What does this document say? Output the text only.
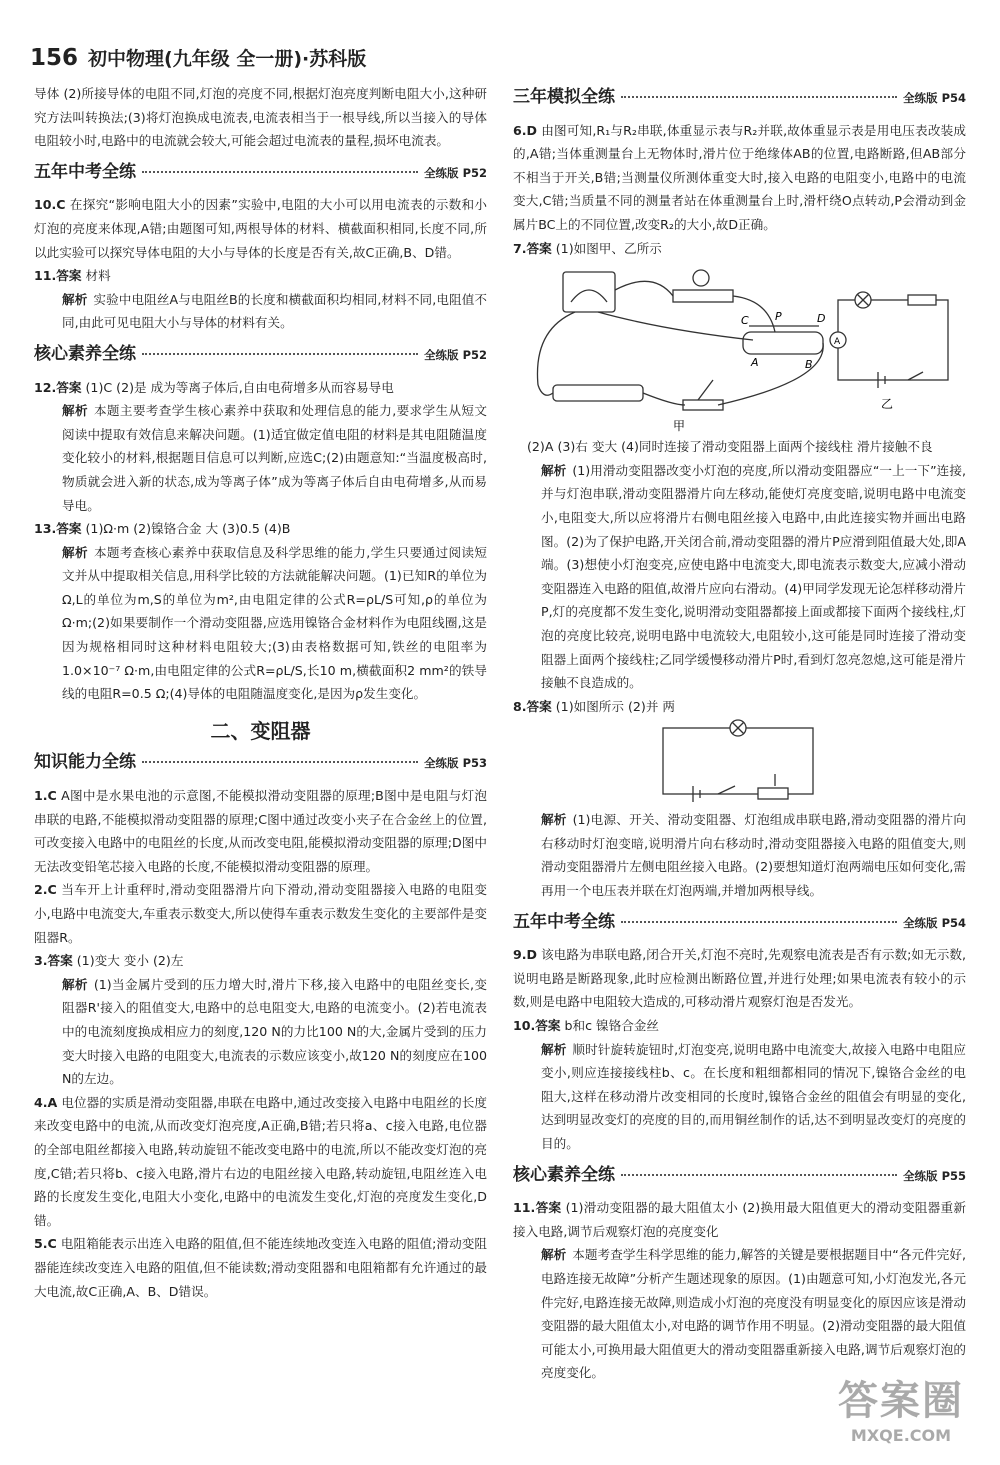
156 初中物理(九年级 全一册)·苏科版

导体 (2)所接导体的电阻不同,灯泡的亮度不同,根据灯泡亮度判断电阻大小,这种研究方法叫转换法;(3)将灯泡换成电流表,电流表相当于一根导线,所以当接入的导体电阻较小时,电路中的电流就会较大,可能会超过电流表的量程,损坏电流表。

五年中考全练	全练版 P52

10.C 在探究“影响电阻大小的因素”实验中,电阻的大小可以用电流表的示数和小灯泡的亮度来体现,A错;由题图可知,两根导体的材料、横截面积相同,长度不同,所以此实验可以探究导体电阻的大小与导体的长度是否有关,故C正确,B、D错。

11.答案 材料

解析 实验中电阻丝A与电阻丝B的长度和横截面积均相同,材料不同,电阻值不同,由此可见电阻大小与导体的材料有关。

核心素养全练	全练版 P52

12.答案 (1)C (2)是 成为等离子体后,自由电荷增多从而容易导电

解析 本题主要考查学生核心素养中获取和处理信息的能力,要求学生从短文阅读中提取有效信息来解决问题。(1)适宜做定值电阻的材料是其电阻随温度变化较小的材料,根据题目信息可以判断,应选C;(2)由题意知:“当温度极高时,物质就会进入新的状态,成为等离子体”成为等离子体后自由电荷增多,从而易导电。

13.答案 (1)Ω·m (2)镍铬合金 大 (3)0.5 (4)B

解析 本题考查核心素养中获取信息及科学思维的能力,学生只要通过阅读短文并从中提取相关信息,用科学比较的方法就能解决问题。(1)已知R的单位为Ω,L的单位为m,S的单位为m²,由电阻定律的公式R=ρL/S可知,ρ的单位为Ω·m;(2)如果要制作一个滑动变阻器,应选用镍铬合金材料作为电阻线圈,这是因为规格相同时这种材料电阻较大;(3)由表格数据可知,铁丝的电阻率为1.0×10⁻⁷ Ω·m,由电阻定律的公式R=ρL/S,长10 m,横截面积2 mm²的铁导线的电阻R=0.5 Ω;(4)导体的电阻随温度变化,是因为ρ发生变化。

二、变阻器
知识能力全练	全练版 P53

1.C A图中是水果电池的示意图,不能模拟滑动变阻器的原理;B图中是电阻与灯泡串联的电路,不能模拟滑动变阻器的原理;C图中通过改变小夹子在合金丝上的位置,可改变接入电路中的电阻丝的长度,从而改变电阻,能模拟滑动变阻器的原理;D图中无法改变铅笔芯接入电路的长度,不能模拟滑动变阻器的原理。

2.C 当车开上计重秤时,滑动变阻器滑片向下滑动,滑动变阻器接入电路的电阻变小,电路中电流变大,车重表示数变大,所以使得车重表示数发生变化的主要部件是变阻器R。

3.答案 (1)变大 变小 (2)左

解析 (1)当金属片受到的压力增大时,滑片下移,接入电路中的电阻丝变长,变阻器R'接入的阻值变大,电路中的总电阻变大,电路的电流变小。(2)若电流表中的电流刻度换成相应力的刻度,120 N的力比100 N的大,金属片受到的压力变大时接入电路的电阻变大,电流表的示数应该变小,故120 N的刻度应在100 N的左边。

4.A 电位器的实质是滑动变阻器,串联在电路中,通过改变接入电路中电阻丝的长度来改变电路中的电流,从而改变灯泡亮度,A正确,B错;若只将a、c接入电路,电位器的全部电阻丝都接入电路,转动旋钮不能改变电路中的电流,所以不能改变灯泡的亮度,C错;若只将b、c接入电路,滑片右边的电阻丝接入电路,转动旋钮,电阻丝连入电路的长度发生变化,电阻大小变化,电路中的电流发生变化,灯泡的亮度发生变化,D错。

5.C 电阻箱能表示出连入电路的阻值,但不能连续地改变连入电路的阻值;滑动变阻器能连续改变连入电路的阻值,但不能读数;滑动变阻器和电阻箱都有允许通过的最大电流,故C正确,A、B、D错误。

三年模拟全练	全练版 P54

6.D 由图可知,R₁与R₂串联,体重显示表与R₂并联,故体重显示表是用电压表改装成的,A错;当体重测量台上无物体时,滑片位于绝缘体AB的位置,电路断路,但AB部分不相当于开关,B错;当测量仪所测体重变大时,接入电路的电阻变小,电路中的电流变大,C错;当质量不同的测量者站在体重测量台上时,滑杆绕O点转动,P会滑动到金属片BC上的不同位置,改变R₂的大小,故D正确。

7.答案 (1)如图甲、乙所示

C P	D
A	B
甲
A
乙

(2)A (3)右 变大 (4)同时连接了滑动变阻器上面两个接线柱 滑片接触不良

解析 (1)用滑动变阻器改变小灯泡的亮度,所以滑动变阻器应“一上一下”连接,并与灯泡串联,滑动变阻器滑片向左移动,能使灯亮度变暗,说明电路中电流变小,电阻变大,所以应将滑片右侧电阻丝接入电路中,由此连接实物并画出电路图。(2)为了保护电路,开关闭合前,滑动变阻器的滑片P应滑到阻值最大处,即A端。(3)想使小灯泡变亮,应使电路中电流变大,即电流表示数变大,应减小滑动变阻器连入电路的阻值,故滑片应向右滑动。(4)甲同学发现无论怎样移动滑片P,灯的亮度都不发生变化,说明滑动变阻器都接上面或都接下面两个接线柱,灯泡的亮度比较亮,说明电路中电流较大,电阻较小,这可能是同时连接了滑动变阻器上面两个接线柱;乙同学缓慢移动滑片P时,看到灯忽亮忽熄,这可能是滑片接触不良造成的。

8.答案 (1)如图所示 (2)并 两

解析 (1)电源、开关、滑动变阻器、灯泡组成串联电路,滑动变阻器的滑片向右移动时灯泡变暗,说明滑片向右移动时,滑动变阻器接入电路的阻值变大,则滑动变阻器滑片左侧电阻丝接入电路。(2)要想知道灯泡两端电压如何变化,需再用一个电压表并联在灯泡两端,并增加两根导线。

五年中考全练	全练版 P54

9.D 该电路为串联电路,闭合开关,灯泡不亮时,先观察电流表是否有示数;如无示数,说明电路是断路现象,此时应检测出断路位置,并进行处理;如果电流表有较小的示数,则是电路中电阻较大造成的,可移动滑片观察灯泡是否发光。

10.答案 b和c 镍铬合金丝

解析 顺时针旋转旋钮时,灯泡变亮,说明电路中电流变大,故接入电路中电阻应变小,则应连接接线柱b、c。在长度和粗细都相同的情况下,镍铬合金丝的电阻大,这样在移动滑片改变相同的长度时,镍铬合金丝的阻值会有明显的变化,达到明显改变灯的亮度的目的,而用铜丝制作的话,达不到明显改变灯的亮度的目的。

核心素养全练	全练版 P55

11.答案 (1)滑动变阻器的最大阻值太小 (2)换用最大阻值更大的滑动变阻器重新接入电路,调节后观察灯泡的亮度变化

解析 本题考查学生科学思维的能力,解答的关键是要根据题目中“各元件完好,电路连接无故障”分析产生题述现象的原因。(1)由题意可知,小灯泡发光,各元件完好,电路连接无故障,则造成小灯泡的亮度没有明显变化的原因应该是滑动变阻器的最大阻值太小,对电路的调节作用不明显。(2)滑动变阻器的最大阻值可能太小,可换用最大阻值更大的滑动变阻器重新接入电路,调节后观察灯泡的亮度变化。

答案圈
MXQE.COM
